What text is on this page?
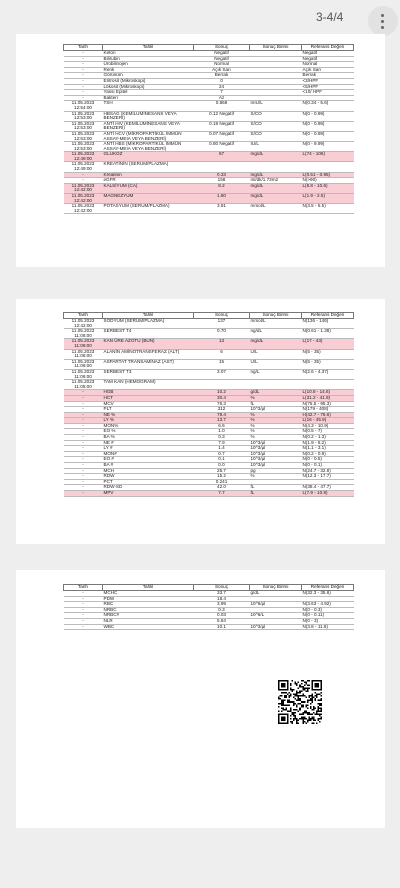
3-4/4
Tarih	Tahlil	Sonuç	Sonuç Birimi	Referans Değeri
-	Keton	Negatif		Negatif
-	Bilirubin	Negatif		Negatif
-	Ürobilinojen	Normal		Normal
-	Renk	Açık Sarı		Açık Sarı
-	Görünüm	Berrak		Berrak
-	Eritrosit (Mikroskopi)	0		<3/HPF
-	Lökosit (Mikroskopi)	24		<5/HPF
-	Yassı Epitel	7		<10/ HPF
-	Bakteri	Az		
11.05.2023 12:54:00	TSH	0.868	mIU/L	N(0.34 - 5.6)
11.05.2023 12:53:00	HBSAG (KEMİLUMİNESANS VEYA BENZERİ)	0.12 Negatif	S/CO	N(0 - 0.99)
11.05.2023 12:53:00	ANTİ HIV (KEMİLUMİNESANS VEYA BENZERİ)	0.19 Negatif	S/CO	N(0 - 0.99)
11.05.2023 12:53:00	ANTİ HCV (MİKROPARTİKÜL İMMÜN ASSAY-MEIA VEYA BENZERİ)	0.07 Negatif	S/CO	N(0 - 0.99)
11.05.2023 12:53:00	ANTİ HBS (MİKROPARTİKÜL İMMÜN ASSAY-MEIA VEYA BENZERİ)	0.80 Negatif	IU/L	N(0 - 9.99)
11.05.2023 12:49:00	GLUKOZ	67	mg/dL	L(74 - 106)
11.05.2023 12:49:00	KREATİNİN (SERUM/PLAZMA)			
-	Kreatinin	0.33	mg/dL	L(0.51 - 0.95)
-	eGFR	158	ml/dk/1.73m2	N(>90)
11.05.2023 12:42:00	KALSİYUM (CA)	8.2	mg/dL	L(8.8 - 10.6)
11.05.2023 12:42:00	MAGNEZYUM	1.80	mg/dL	L(1.9 - 2.5)
11.05.2023 12:42:00	POTASYUM (SERUM/PLAZMA)	3.91	mmol/L	N(3.5 - 5.5)
Tarih	Tahlil	Sonuç	Sonuç Birimi	Referans Değeri
11.05.2023 12:42:00	SODYUM (SERUM/PLAZMA)	137	mmol/L	N(136 - 146)
11.05.2023 11:06:00	SERBEST T4	0.70	ng/dL	N(0.61 - 1.38)
11.05.2023 11:06:00	KAN ÜRE AZOTU (BUN)	13	mg/dL	L(17 - 43)
11.05.2023 11:06:00	ALANİN AMİNOTRANSFERAZ (ALT)	6	U/L	N(5 - 35)
11.05.2023 11:06:00	ASPARTAT TRANSAMİNAZ (AST)	15	U/L	N(5 - 35)
11.05.2023 11:06:00	SERBEST T3	3.07	ng/L	N(2.6 - 4.37)
11.05.2023 11:05:00	TAM KAN (HEMOGRAM)			
-	HGB	10.2	g/dL	L(10.8 - 14.6)
-	HCT	30.4	%	L(31.2 - 41.9)
-	MCV	76.3	fL	N(75.5 - 95.3)
-	PLT	312	10^3/µl	N(179 - 408)
-	NE %	78.4	%	H(42.7 - 76.6)
-	LY %	13.7	%	L(16 - 45.9)
-	MON%	6.6	%	N(4.3 - 10.9)
-	EO %	1.0	%	N(0.5 - 7)
-	BA %	0.3	%	N(0.2 - 1.3)
-	NE #	7.9	10^3/µl	N(1.9 - 8.2)
-	LY #	1.4	10^3/µl	N(1.1 - 3.1)
-	MON#	0.7	10^3/µl	N(0.2 - 0.9)
-	EO #	0.1	10^3/µl	N(0 - 0.5)
-	BA #	0.0	10^3/µl	N(0 - 0.1)
-	MCH	25.7	pg	N(24.7 - 32.8)
-	RDW	15.2	%	N(12.3 - 17.7)
-	PCT	0.241		
-	RDW-SD	42.0	fL	N(38.4 - 47.7)
-	MPV	7.7	fL	L(7.9 - 10.8)
Tarih	Tahlil	Sonuç	Sonuç Birimi	Referans Değeri
-	MCHC	33.7	g/dL	N(32.3 - 35.6)
-	PDW	18.4		
-	RBC	3.99	10^6/µl	N(3.63 - 4.92)
-	NRBC	0.3		N(0 - 0.3)
-	NRBC#	0.03	10^6/L	N(0 - 0.11)
-	NLR	5.64		N(0 - 3)
-	WBC	10.1	10^3/µl	N(3.8 - 11.8)
